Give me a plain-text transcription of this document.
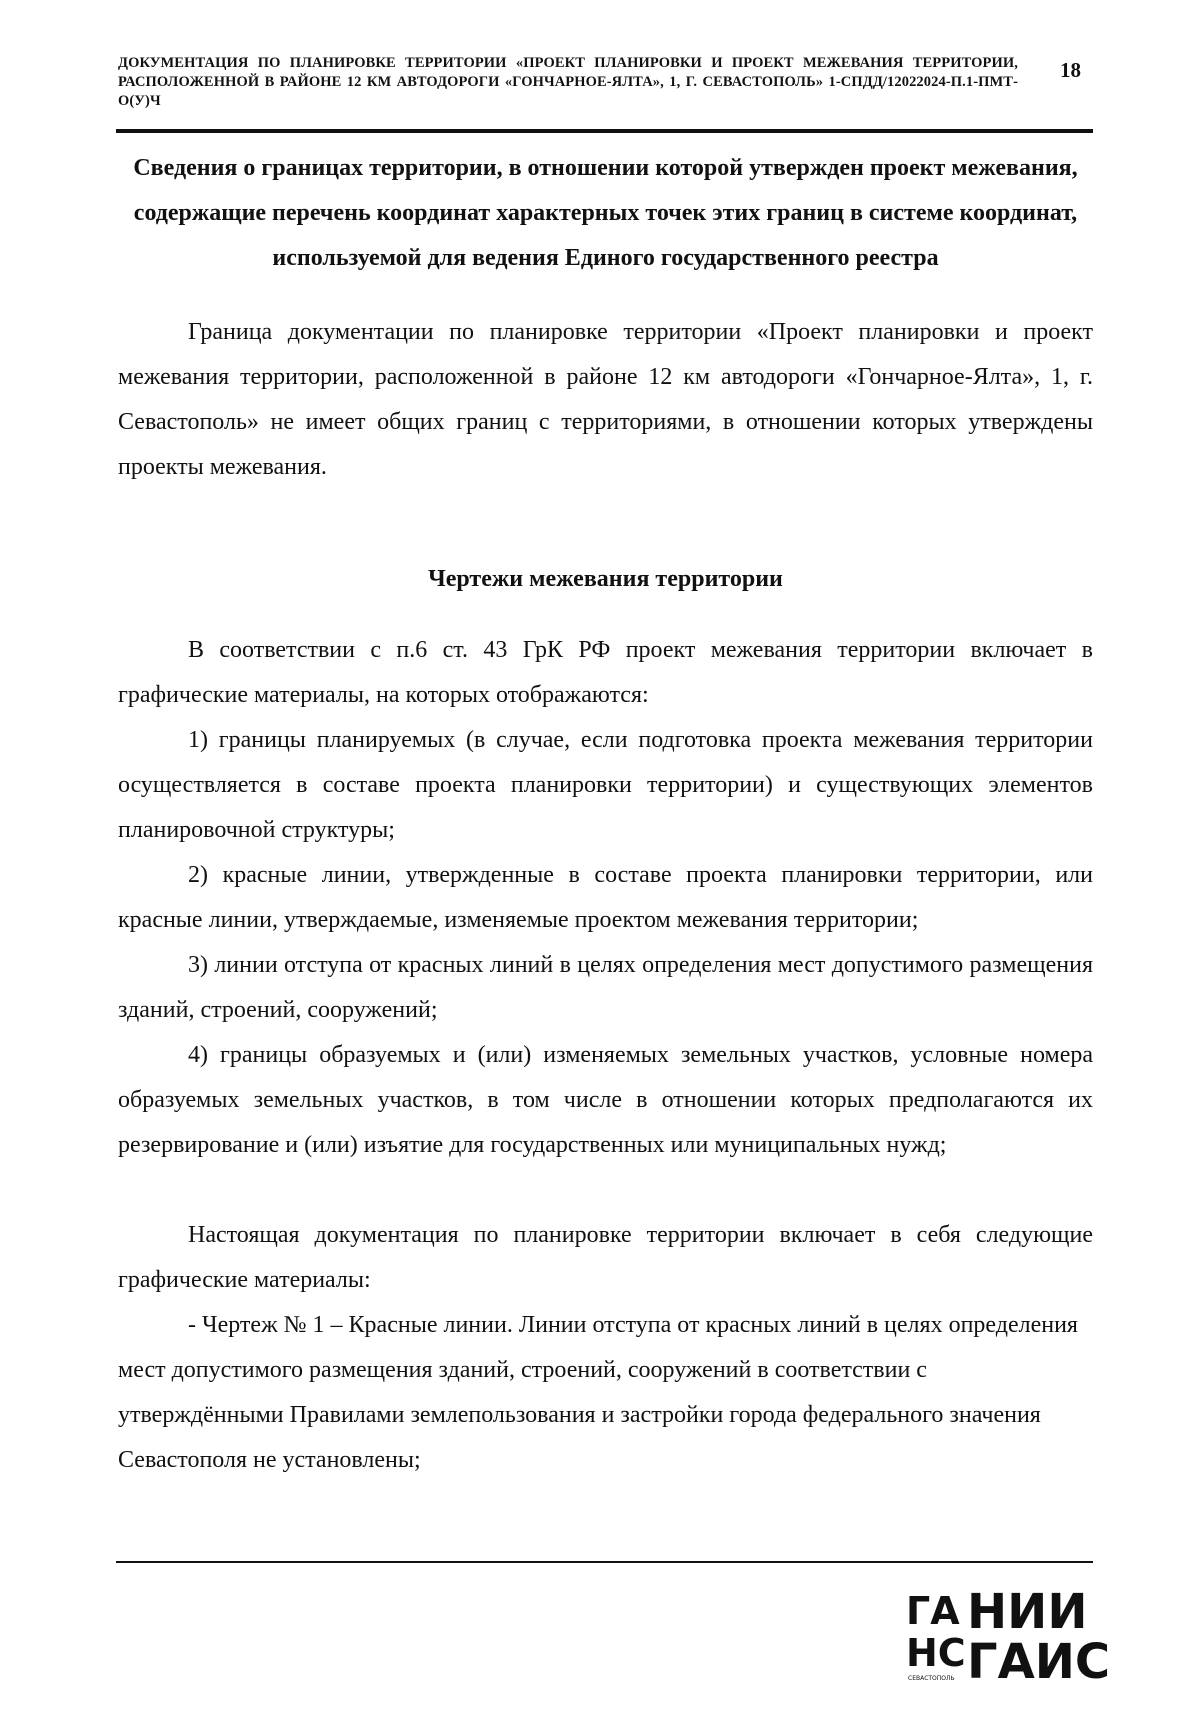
ДОКУМЕНТАЦИЯ ПО ПЛАНИРОВКЕ ТЕРРИТОРИИ «ПРОЕКТ ПЛАНИРОВКИ И ПРОЕКТ МЕЖЕВАНИЯ ТЕРРИТОРИИ, РАСПОЛОЖЕННОЙ В РАЙОНЕ 12 КМ АВТОДОРОГИ «ГОНЧАРНОЕ-ЯЛТА», 1, Г. СЕВАСТОПОЛЬ» 1-СПДД/12022024-П.1-ПМТ-О(У)Ч
18
Сведения о границах территории, в отношении которой утвержден проект межевания, содержащие перечень координат характерных точек этих границ в системе координат, используемой для ведения Единого государственного реестра
Граница документации по планировке территории «Проект планировки и проект межевания территории, расположенной в районе 12 км автодороги «Гончарное-Ялта», 1, г. Севастополь» не имеет общих границ с территориями, в отношении которых утверждены проекты межевания.
Чертежи межевания территории
В соответствии с п.6 ст. 43 ГрК РФ проект межевания территории включает в графические материалы, на которых отображаются:
1) границы планируемых (в случае, если подготовка проекта межевания территории осуществляется в составе проекта планировки территории) и существующих элементов планировочной структуры;
2) красные линии, утвержденные в составе проекта планировки территории, или красные линии, утверждаемые, изменяемые проектом межевания территории;
3) линии отступа от красных линий в целях определения мест допустимого размещения зданий, строений, сооружений;
4) границы образуемых и (или) изменяемых земельных участков, условные номера образуемых земельных участков, в том числе в отношении которых предполагаются их резервирование и (или) изъятие для государственных или муниципальных нужд;
Настоящая документация по планировке территории включает в себя следующие графические материалы:
- Чертеж № 1 – Красные линии. Линии отступа от красных линий в целях определения мест допустимого размещения зданий, строений, сооружений в соответствии с утверждёнными Правилами землепользования и застройки города федерального значения Севастополя не установлены;
ГА
НС
СЕВАСТОПОЛЬ
НИИ
ГАИС
